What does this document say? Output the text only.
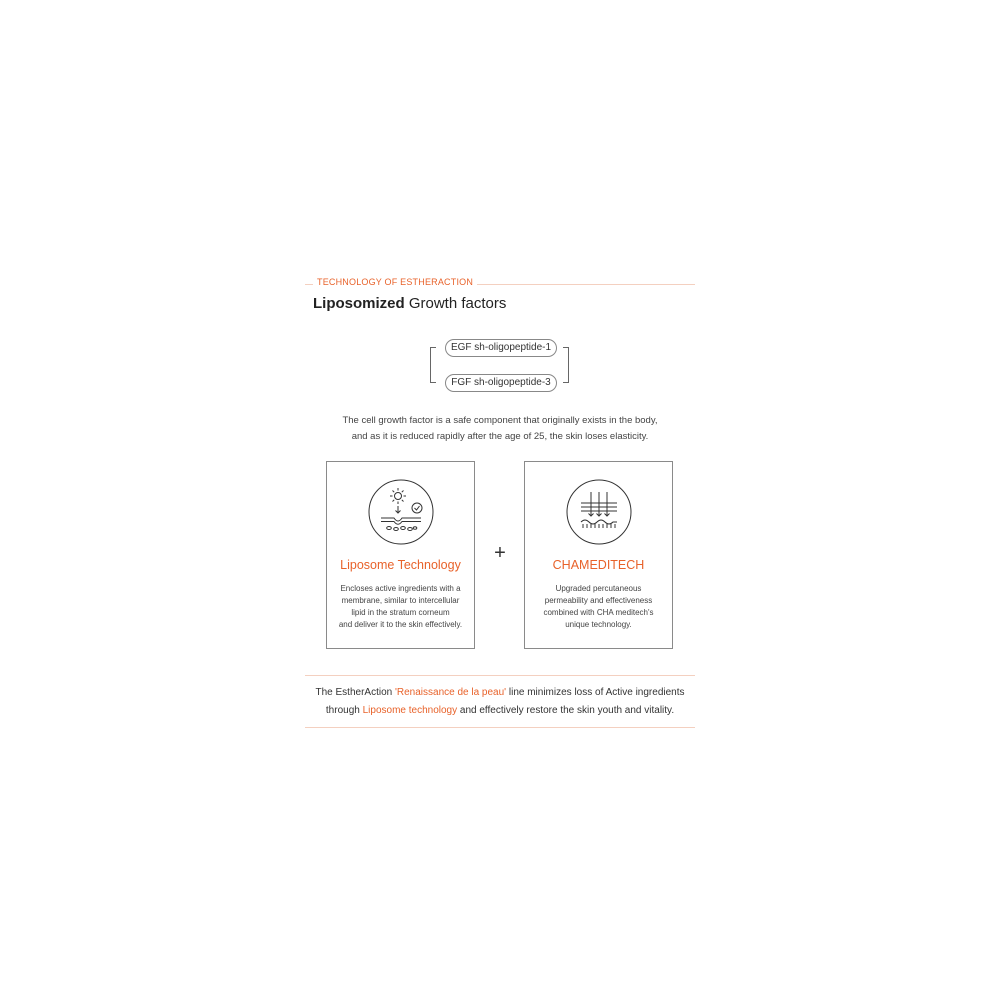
TECHNOLOGY OF ESTHERACTION
Liposomized Growth factors
EGF sh-oligopeptide-1
FGF sh-oligopeptide-3
The cell growth factor is a safe component that originally exists in the body,
and as it is reduced rapidly after the age of 25, the skin loses elasticity.
Liposome Technology
Encloses active ingredients with a
membrane, similar to intercellular
lipid in the stratum corneum
and deliver it to the skin effectively.
+
CHAMEDITECH
Upgraded percutaneous
permeability and effectiveness
combined with CHA meditech's
unique technology.
The EstherAction 'Renaissance de la peau' line minimizes loss of Active ingredients
through Liposome technology and effectively restore the skin youth and vitality.
